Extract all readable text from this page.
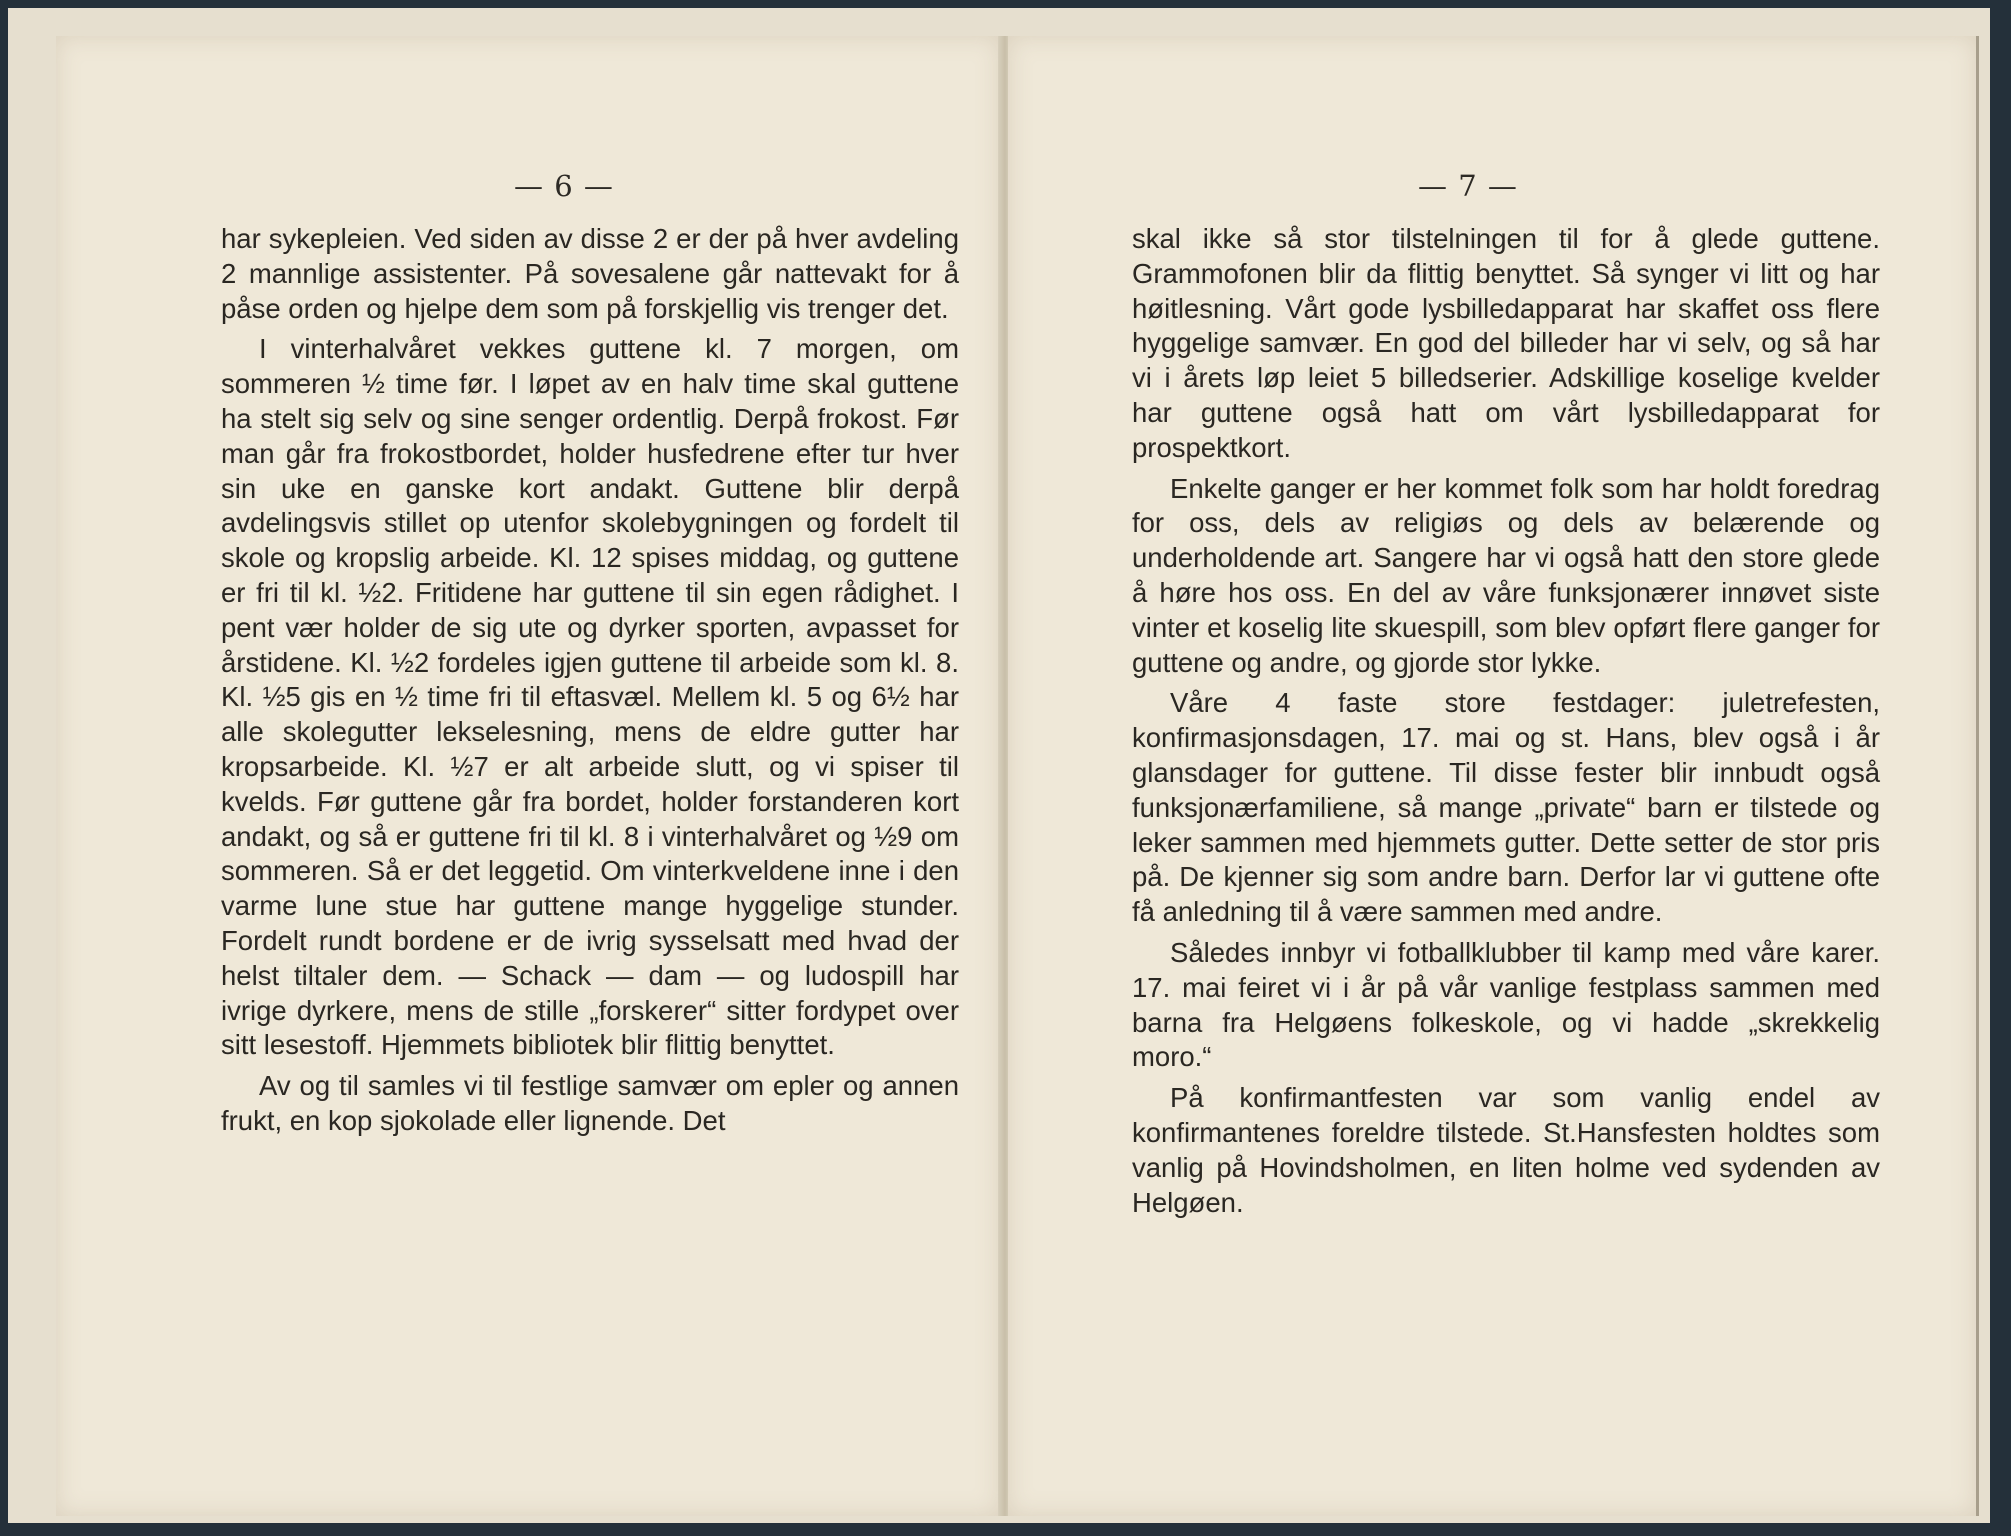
— 6 —

har sykepleien. Ved siden av disse 2 er der på hver avdeling 2 mannlige assistenter. På sovesalene går nattevakt for å påse orden og hjelpe dem som på forskjellig vis trenger det.

I vinterhalvåret vekkes guttene kl. 7 morgen, om sommeren ½ time før. I løpet av en halv time skal guttene ha stelt sig selv og sine senger ordentlig. Derpå frokost. Før man går fra frokostbordet, holder husfedrene efter tur hver sin uke en ganske kort andakt. Guttene blir derpå avdelingsvis stillet op utenfor skolebygningen og fordelt til skole og kropslig arbeide. Kl. 12 spises middag, og guttene er fri til kl. ½2. Fritidene har guttene til sin egen rådighet. I pent vær holder de sig ute og dyrker sporten, avpasset for årstidene. Kl. ½2 fordeles igjen guttene til arbeide som kl. 8. Kl. ½5 gis en ½ time fri til eftasvæl. Mellem kl. 5 og 6½ har alle skolegutter lekselesning, mens de eldre gutter har kropsarbeide. Kl. ½7 er alt arbeide slutt, og vi spiser til kvelds. Før guttene går fra bordet, holder forstanderen kort andakt, og så er guttene fri til kl. 8 i vinterhalvåret og ½9 om sommeren. Så er det leggetid. Om vinterkveldene inne i den varme lune stue har guttene mange hyggelige stunder. Fordelt rundt bordene er de ivrig sysselsatt med hvad der helst tiltaler dem. — Schack — dam — og ludospill har ivrige dyrkere, mens de stille „forskerer“ sitter fordypet over sitt lesestoff. Hjemmets bibliotek blir flittig benyttet.

Av og til samles vi til festlige samvær om epler og annen frukt, en kop sjokolade eller lignende. Det

— 7 —

skal ikke så stor tilstelningen til for å glede guttene. Grammofonen blir da flittig benyttet. Så synger vi litt og har høitlesning. Vårt gode lysbilledapparat har skaffet oss flere hyggelige samvær. En god del billeder har vi selv, og så har vi i årets løp leiet 5 billedserier. Adskillige koselige kvelder har guttene også hatt om vårt lysbilledapparat for prospektkort.

Enkelte ganger er her kommet folk som har holdt foredrag for oss, dels av religiøs og dels av belærende og underholdende art. Sangere har vi også hatt den store glede å høre hos oss. En del av våre funksjonærer innøvet siste vinter et koselig lite skuespill, som blev opført flere ganger for guttene og andre, og gjorde stor lykke.

Våre 4 faste store festdager: juletrefesten, konfirmasjonsdagen, 17. mai og st. Hans, blev også i år glansdager for guttene. Til disse fester blir innbudt også funksjonærfamiliene, så mange „private“ barn er tilstede og leker sammen med hjemmets gutter. Dette setter de stor pris på. De kjenner sig som andre barn. Derfor lar vi guttene ofte få anledning til å være sammen med andre.

Således innbyr vi fotballklubber til kamp med våre karer. 17. mai feiret vi i år på vår vanlige festplass sammen med barna fra Helgøens folkeskole, og vi hadde „skrekkelig moro.“

På konfirmantfesten var som vanlig endel av konfirmantenes foreldre tilstede. St.Hansfesten holdtes som vanlig på Hovindsholmen, en liten holme ved sydenden av Helgøen.
